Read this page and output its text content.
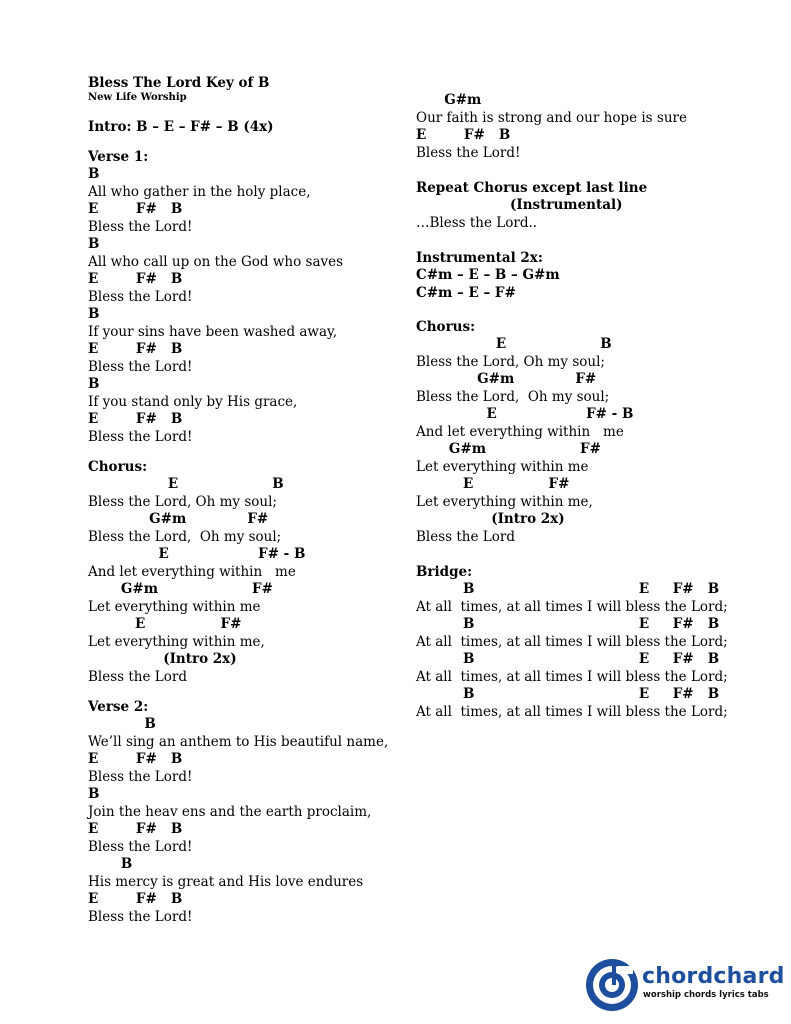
Bless The Lord Key of B
New Life Worship
Intro: B – E – F# – B (4x)
Verse 1:
B
All who gather in the holy place,
E        F#   B
Bless the Lord!
B
All who call up on the God who saves
E        F#   B
Bless the Lord!
B
If your sins have been washed away,
E        F#   B
Bless the Lord!
B
If you stand only by His grace,
E        F#   B
Bless the Lord!
Chorus:
E                    B
Bless the Lord, Oh my soul;
G#m             F#
Bless the Lord,  Oh my soul;
E                   F# - B
And let everything within   me
G#m                    F#
Let everything within me
E                F#
Let everything within me,
(Intro 2x)
Bless the Lord
Verse 2:
B
We’ll sing an anthem to His beautiful name,
E        F#   B
Bless the Lord!
B
Join the heav ens and the earth proclaim,
E        F#   B
Bless the Lord!
B
His mercy is great and His love endures
E        F#   B
Bless the Lord!
G#m
Our faith is strong and our hope is sure
E        F#   B
Bless the Lord!
Repeat Chorus except last line
(Instrumental)
…Bless the Lord..
Instrumental 2x:
C#m – E – B – G#m
C#m – E – F#
Chorus:
E                    B
Bless the Lord, Oh my soul;
G#m             F#
Bless the Lord,  Oh my soul;
E                   F# - B
And let everything within   me
G#m                    F#
Let everything within me
E                F#
Let everything within me,
(Intro 2x)
Bless the Lord
Bridge:
B                                   E     F#   B
At all  times, at all times I will bless the Lord;
B                                   E     F#   B
At all  times, at all times I will bless the Lord;
B                                   E     F#   B
At all  times, at all times I will bless the Lord;
B                                   E     F#   B
At all  times, at all times I will bless the Lord;
chordchard
worship chords lyrics tabs
